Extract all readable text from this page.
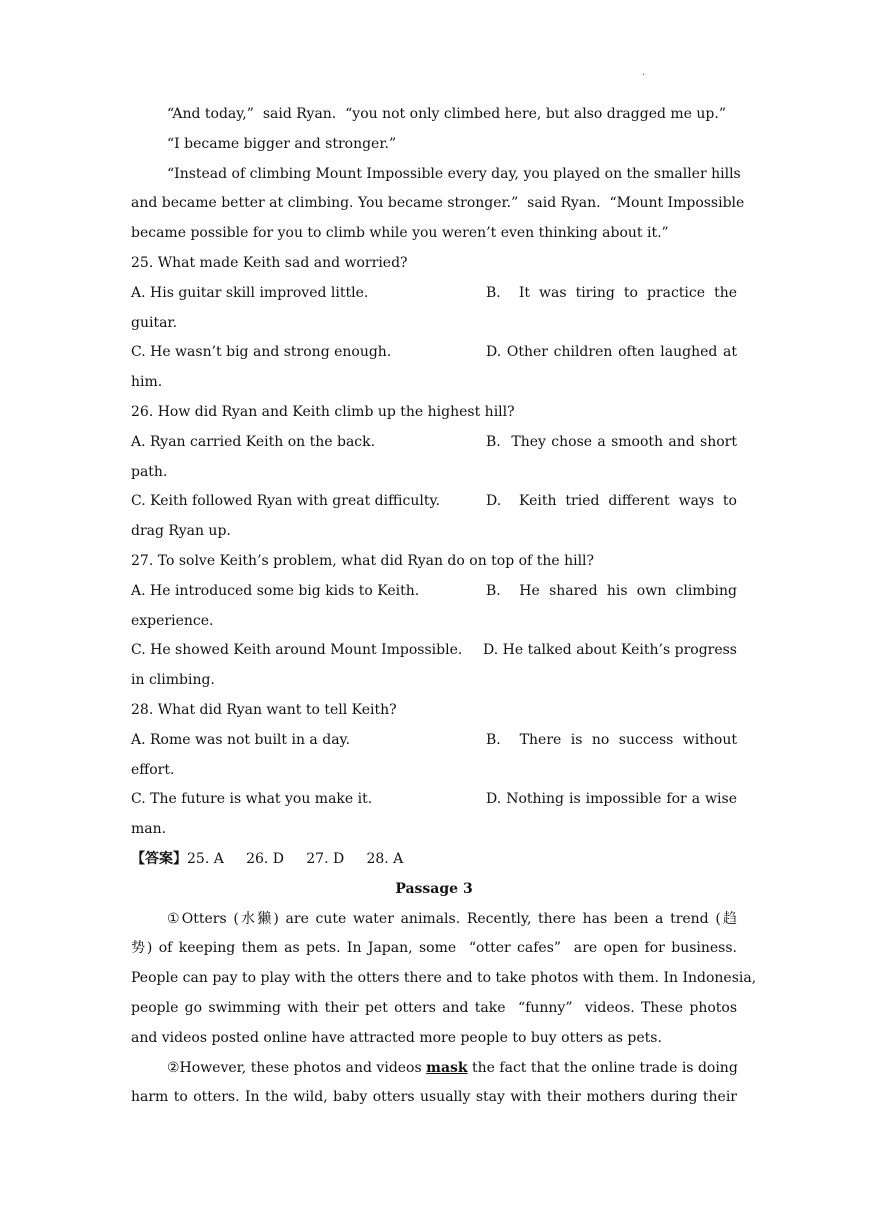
·
“And today,”  said Ryan.  “you not only climbed here, but also dragged me up.”
“I became bigger and stronger.”
“Instead of climbing Mount Impossible every day, you played on the smaller hills
and became better at climbing. You became stronger.”  said Ryan.  “Mount Impossible
became possible for you to climb while you weren’t even thinking about it.”
25. What made Keith sad and worried?
A. His guitar skill improved little.	B.  It was tiring to practice the
guitar.
C. He wasn’t big and strong enough.	D. Other children often laughed at
him.
26. How did Ryan and Keith climb up the highest hill?
A. Ryan carried Keith on the back.	B.  They chose a smooth and short
path.
C. Keith followed Ryan with great difficulty.	D.  Keith tried different ways to
drag Ryan up.
27. To solve Keith’s problem, what did Ryan do on top of the hill?
A. He introduced some big kids to Keith.	B.  He shared his own climbing
experience.
C. He showed Keith around Mount Impossible.	D. He talked about Keith’s progress
in climbing.
28. What did Ryan want to tell Keith?
A. Rome was not built in a day.	B.  There is no success without
effort.
C. The future is what you make it.	D. Nothing is impossible for a wise
man.
【答案】25. A     26. D     27. D     28. A
Passage 3
①Otters (水獭) are cute water animals. Recently, there has been a trend (趋
势) of keeping them as pets. In Japan, some  “otter cafes”  are open for business.
People can pay to play with the otters there and to take photos with them. In Indonesia,
people go swimming with their pet otters and take  “funny”  videos. These photos
and videos posted online have attracted more people to buy otters as pets.
②However, these photos and videos mask the fact that the online trade is doing
harm to otters. In the wild, baby otters usually stay with their mothers during their
